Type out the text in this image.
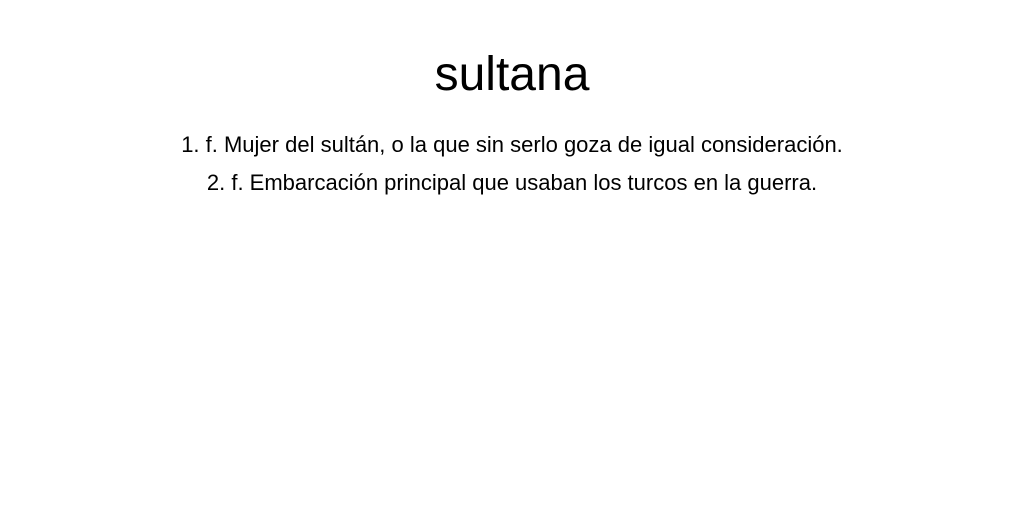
sultana
1. f. Mujer del sultán, o la que sin serlo goza de igual consideración.
2. f. Embarcación principal que usaban los turcos en la guerra.
